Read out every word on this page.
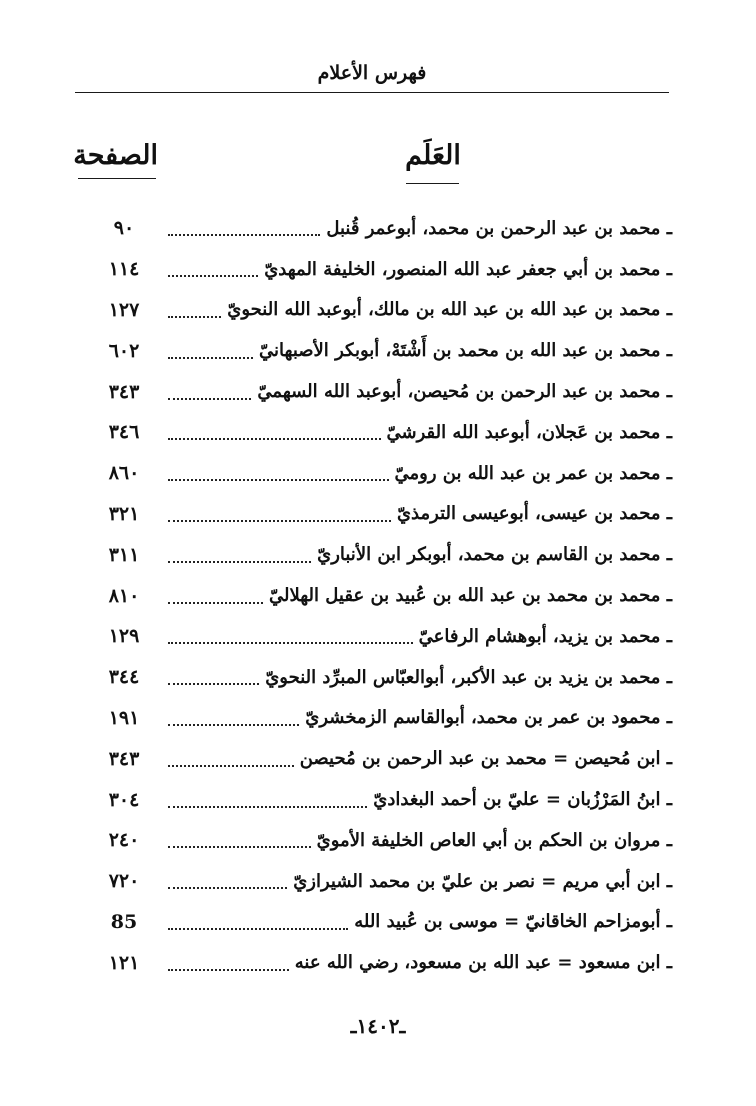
فهرس الأعلام
العَلَم
الصفحة
٩٠	ـ محمد بن عبد الرحمن بن محمد، أبوعمر قُنبل
١١٤	ـ محمد بن أبي جعفر عبد الله المنصور، الخليفة المهديّ
١٢٧	ـ محمد بن عبد الله بن عبد الله بن مالك، أبوعبد الله النحويّ
٦٠٢	ـ محمد بن عبد الله بن محمد بن أَشْتَهْ، أبوبكر الأصبهانيّ
٣٤٣	ـ محمد بن عبد الرحمن بن مُحيصن، أبوعبد الله السهميّ
٣٤٦	ـ محمد بن عَجلان، أبوعبد الله القرشيّ
٨٦٠	ـ محمد بن عمر بن عبد الله بن روميّ
٣٢١	ـ محمد بن عيسى، أبوعيسى الترمذيّ
٣١١	ـ محمد بن القاسم بن محمد، أبوبكر ابن الأنباريّ
٨١٠	ـ محمد بن محمد بن عبد الله بن عُبيد بن عقيل الهلاليّ
١٢٩	ـ محمد بن يزيد، أبوهشام الرفاعيّ
٣٤٤	ـ محمد بن يزيد بن عبد الأكبر، أبوالعبّاس المبرِّد النحويّ
١٩١	ـ محمود بن عمر بن محمد، أبوالقاسم الزمخشريّ
٣٤٣	ـ ابن مُحيصن = محمد بن عبد الرحمن بن مُحيصن
٣٠٤	ـ ابنُ المَرْزُبان = عليّ بن أحمد البغداديّ
٢٤٠	ـ مروان بن الحكم بن أبي العاص الخليفة الأمويّ
٧٢٠	ـ ابن أبي مريم = نصر بن عليّ بن محمد الشيرازيّ
85	ـ أبومزاحم الخاقانيّ = موسى بن عُبيد الله
١٢١	ـ ابن مسعود = عبد الله بن مسعود، رضي الله عنه
ـ١٤٠٢ـ
